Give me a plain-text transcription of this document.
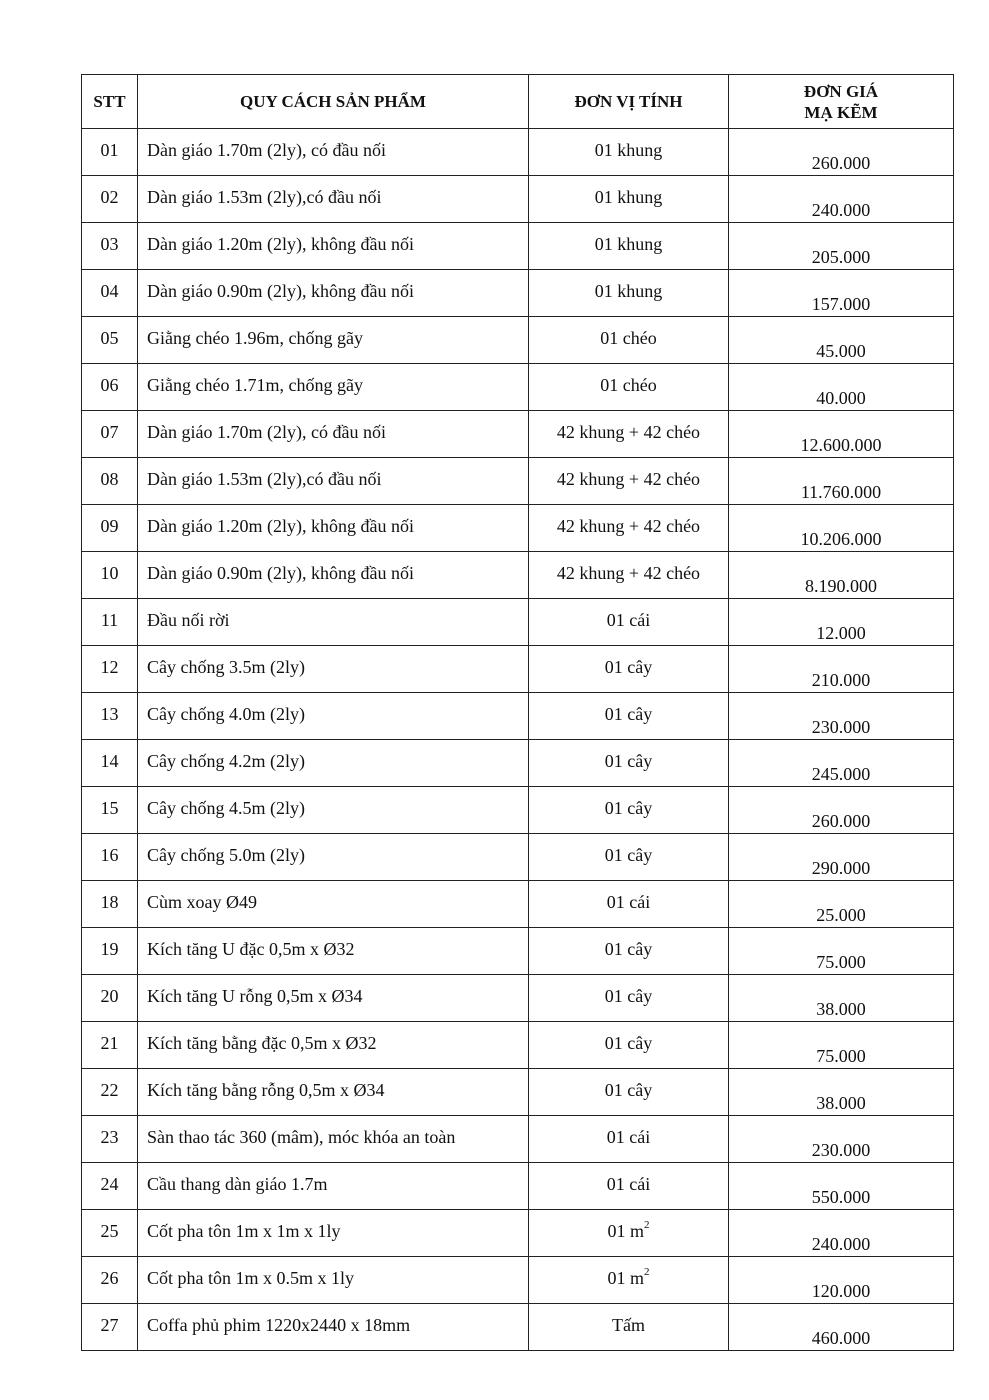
STT	QUY CÁCH SẢN PHẨM	ĐƠN VỊ TÍNH	ĐƠN GIÁ
MẠ KẼM

01	Dàn giáo 1.70m (2ly), có đầu nối	01 khung	260.000
02	Dàn giáo 1.53m (2ly),có đầu nối	01 khung	240.000
03	Dàn giáo 1.20m (2ly), không đầu nối	01 khung	205.000
04	Dàn giáo 0.90m (2ly), không đầu nối	01 khung	157.000
05	Giằng chéo 1.96m, chống gãy	01 chéo	45.000
06	Giằng chéo 1.71m, chống gãy	01 chéo	40.000
07	Dàn giáo 1.70m (2ly), có đầu nối	42 khung + 42 chéo	12.600.000
08	Dàn giáo 1.53m (2ly),có đầu nối	42 khung + 42 chéo	11.760.000
09	Dàn giáo 1.20m (2ly), không đầu nối	42 khung + 42 chéo	10.206.000
10	Dàn giáo 0.90m (2ly), không đầu nối	42 khung + 42 chéo	8.190.000
11	Đầu nối rời	01 cái	12.000
12	Cây chống 3.5m (2ly)	01 cây	210.000
13	Cây chống 4.0m (2ly)	01 cây	230.000
14	Cây chống 4.2m (2ly)	01 cây	245.000
15	Cây chống 4.5m (2ly)	01 cây	260.000
16	Cây chống 5.0m (2ly)	01 cây	290.000
18	Cùm xoay Ø49	01 cái	25.000
19	Kích tăng U đặc 0,5m x Ø32	01 cây	75.000
20	Kích tăng U rỗng 0,5m x Ø34	01 cây	38.000
21	Kích tăng bằng đặc 0,5m x Ø32	01 cây	75.000
22	Kích tăng bằng rỗng 0,5m x Ø34	01 cây	38.000
23	Sàn thao tác 360 (mâm), móc khóa an toàn	01 cái	230.000
24	Cầu thang dàn giáo 1.7m	01 cái	550.000
25	Cốt pha tôn 1m x 1m x 1ly	01 $m^2$	240.000
26	Cốt pha tôn 1m x 0.5m x 1ly	01 $m^2$	120.000
27	Coffa phủ phim 1220x2440 x 18mm	Tấm	460.000
